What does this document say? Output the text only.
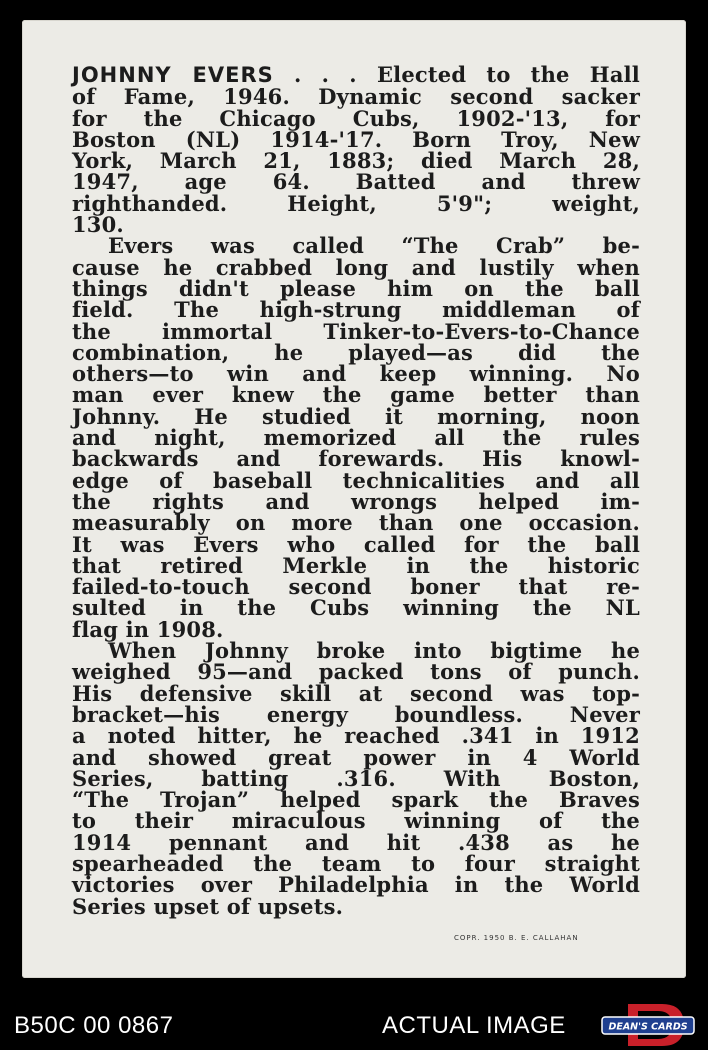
JOHNNY EVERS . . . Elected to the Hall
of Fame, 1946. Dynamic second sacker
for the Chicago Cubs, 1902-'13, for
Boston (NL) 1914-'17. Born Troy, New
York, March 21, 1883; died March 28,
1947, age 64. Batted and threw
righthanded. Height, 5'9"; weight,
130.
Evers was called “The Crab” be-
cause he crabbed long and lustily when
things didn't please him on the ball
field. The high-strung middleman of
the immortal Tinker-to-Evers-to-Chance
combination, he played—as did the
others—to win and keep winning. No
man ever knew the game better than
Johnny. He studied it morning, noon
and night, memorized all the rules
backwards and forewards. His knowl-
edge of baseball technicalities and all
the rights and wrongs helped im-
measurably on more than one occasion.
It was Evers who called for the ball
that retired Merkle in the historic
failed-to-touch second boner that re-
sulted in the Cubs winning the NL
flag in 1908.
When Johnny broke into bigtime he
weighed 95—and packed tons of punch.
His defensive skill at second was top-
bracket—his energy boundless. Never
a noted hitter, he reached .341 in 1912
and showed great power in 4 World
Series, batting .316. With Boston,
“The Trojan” helped spark the Braves
to their miraculous winning of the
1914 pennant and hit .438 as he
spearheaded the team to four straight
victories over Philadelphia in the World
Series upset of upsets.
COPR. 1950 B. E. CALLAHAN
B50C 00 0867	ACTUAL IMAGE	DEAN'S CARDS
